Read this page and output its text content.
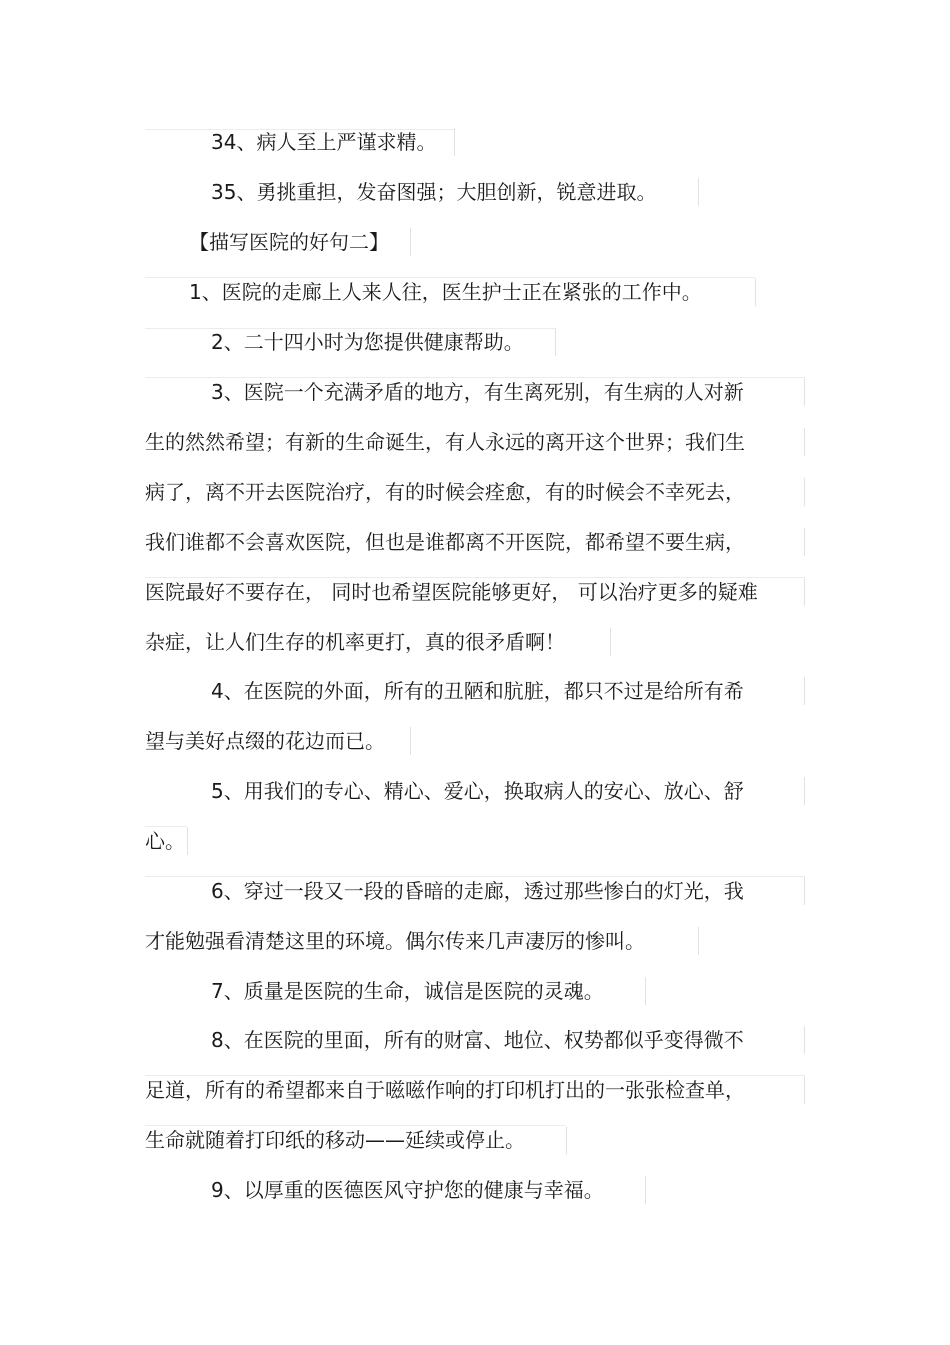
34、病人至上严谨求精。
35、勇挑重担，发奋图强；大胆创新，锐意进取。
【描写医院的好句二】
1、医院的走廊上人来人往，医生护士正在紧张的工作中。
2、二十四小时为您提供健康帮助。
3、医院一个充满矛盾的地方，有生离死别，有生病的人对新
生的然然希望；有新的生命诞生，有人永远的离开这个世界；我们生
病了，离不开去医院治疗，有的时候会痊愈，有的时候会不幸死去，
我们谁都不会喜欢医院，但也是谁都离不开医院，都希望不要生病，
医院最好不要存在， 同时也希望医院能够更好， 可以治疗更多的疑难
杂症，让人们生存的机率更打，真的很矛盾啊！
4、在医院的外面，所有的丑陋和肮脏，都只不过是给所有希
望与美好点缀的花边而已。
5、用我们的专心、精心、爱心，换取病人的安心、放心、舒
心。
6、穿过一段又一段的昏暗的走廊，透过那些惨白的灯光，我
才能勉强看清楚这里的环境。偶尔传来几声凄厉的惨叫。
7、质量是医院的生命，诚信是医院的灵魂。
8、在医院的里面，所有的财富、地位、权势都似乎变得微不
足道，所有的希望都来自于嗞嗞作响的打印机打出的一张张检查单，
生命就随着打印纸的移动——延续或停止。
9、以厚重的医德医风守护您的健康与幸福。
